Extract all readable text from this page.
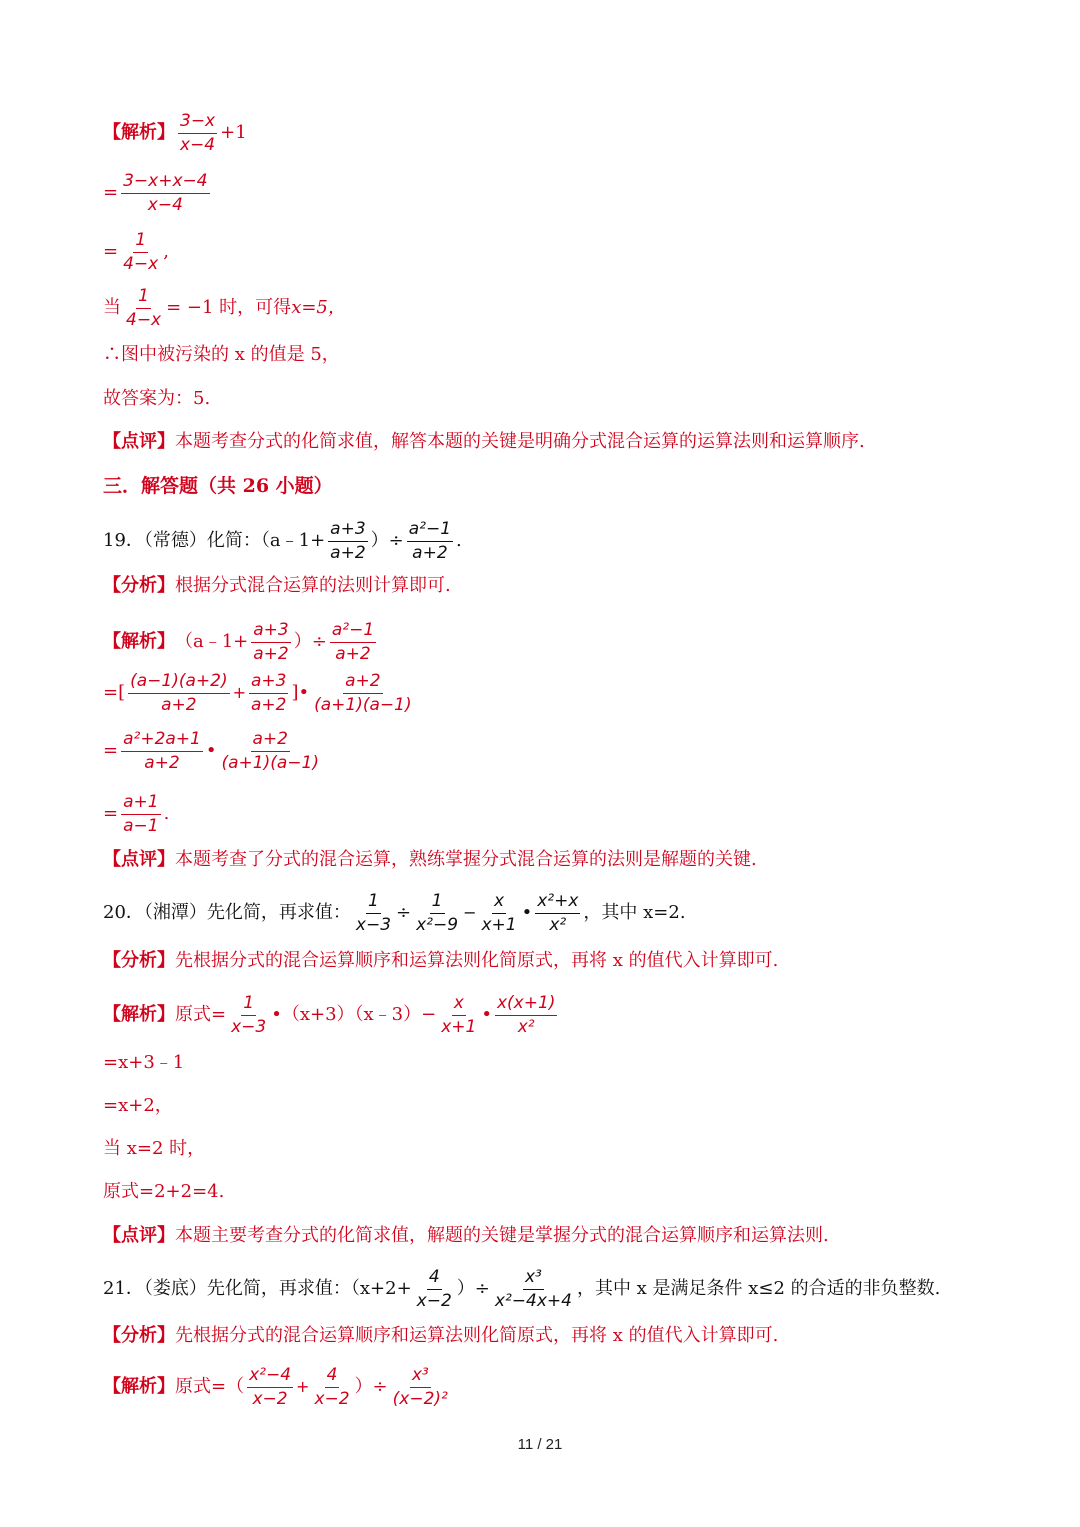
【解析】 $\frac{3-x}{x-4} +1$
= $\frac{3-x+x-4}{x-4}$
= $\frac{1}{4-x}$ ,
当 $\frac{1}{4-x} = -1$ 时，可得 x=5，
∴图中被污染的 x 的值是 5，
故答案为：5.
【点评】 本题考查分式的化简求值，解答本题的关键是明确分式混合运算的运算法则和运算顺序.
三．解答题（共 26 小题）
19．（常德）化简：（a﹣1+ $\frac{a+3}{a+2}$ ）÷ $\frac{\text{a²−1}}{a+2}$ .
【分析】 根据分式混合运算的法则计算即可.
【解析】 （a﹣1+ $\frac{a+3}{a+2}$ ）÷ $\frac{\text{a²−1}}{a+2}$
=[ $\frac{(a-1)(a+2)}{a+2} + \frac{a+3}{a+2}$ ]• $\frac{a+2}{(a+1)(a-1)}$
= $\frac{\text{a²+2a+1}}{a+2}$ • $\frac{a+2}{(a+1)(a-1)}$
= $\frac{a+1}{a-1}$ .
【点评】 本题考查了分式的混合运算，熟练掌握分式混合运算的法则是解题的关键.
20．（湘潭）先化简，再求值： $\frac{1}{x-3} \div \frac{1}{\text{x²−9}} - \frac{x}{x+1}$ • $\frac{\text{x²+x}}{\text{x²}}$ ，其中 x=2.
【分析】 先根据分式的混合运算顺序和运算法则化简原式，再将 x 的值代入计算即可.
【解析】 原式= $\frac{1}{x-3}$ •（x+3）（x﹣3）− $\frac{x}{x+1}$ • $\frac{x(x+1)}{\text{x²}}$
=x+3﹣1
=x+2，
当 x=2 时，
原式=2+2=4.
【点评】 本题主要考查分式的化简求值，解题的关键是掌握分式的混合运算顺序和运算法则.
21．（娄底）先化简，再求值：（$x+2+ \frac{4}{x-2}$ ）÷ $\frac{\text{x³}}{\text{x²−4x+4}}$ ，其中 x 是满足条件 x≤2 的合适的非负整数.
【分析】 先根据分式的混合运算顺序和运算法则化简原式，再将 x 的值代入计算即可.
【解析】 原式=（ $\frac{\text{x²−4}}{x-2} + \frac{4}{x-2}$ ）÷ $\frac{\text{x³}}{\text{(x−2)²}}$
11 / 21
